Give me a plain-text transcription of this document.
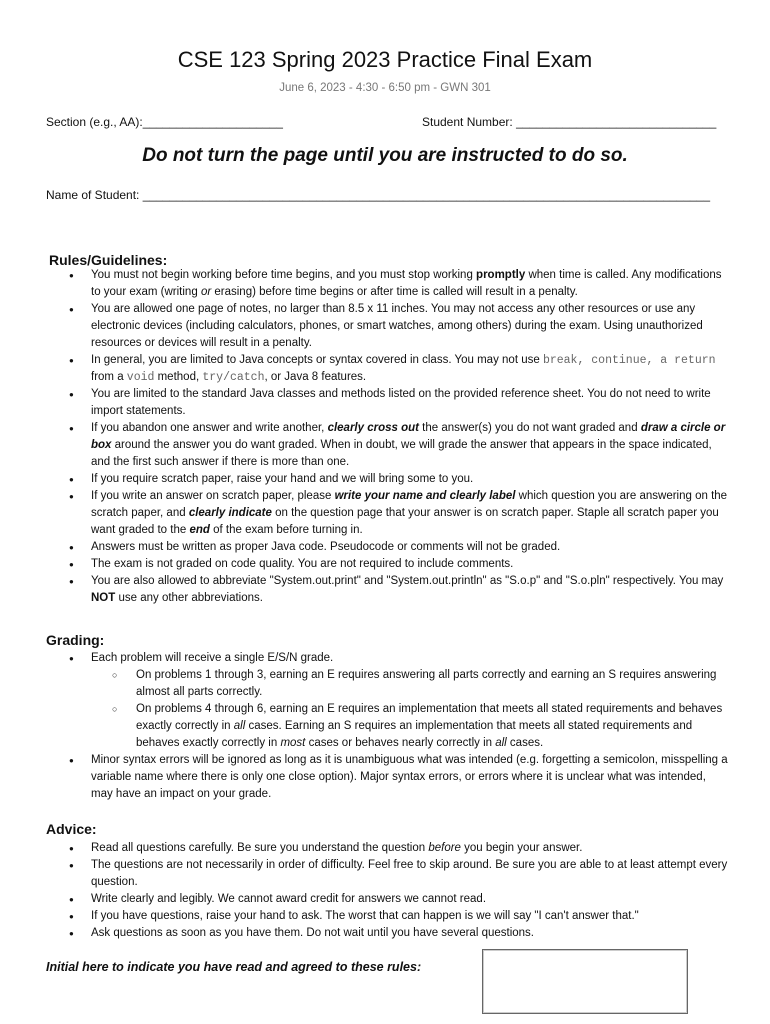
CSE 123 Spring 2023 Practice Final Exam
June 6, 2023 - 4:30 - 6:50 pm - GWN 301
Section (e.g., AA):_____________________	Student Number: ______________________________
Do not turn the page until you are instructed to do so.
Name of Student: _____________________________________________________________________________________
Rules/Guidelines:
● You must not begin working before time begins, and you must stop working promptly when time is called. Any modifications to your exam (writing or erasing) before time begins or after time is called will result in a penalty.
● You are allowed one page of notes, no larger than 8.5 x 11 inches. You may not access any other resources or use any electronic devices (including calculators, phones, or smart watches, among others) during the exam. Using unauthorized resources or devices will result in a penalty.
● In general, you are limited to Java concepts or syntax covered in class. You may not use break, continue, a return from a void method, try/catch, or Java 8 features.
● You are limited to the standard Java classes and methods listed on the provided reference sheet. You do not need to write import statements.
● If you abandon one answer and write another, clearly cross out the answer(s) you do not want graded and draw a circle or box around the answer you do want graded. When in doubt, we will grade the answer that appears in the space indicated, and the first such answer if there is more than one.
● If you require scratch paper, raise your hand and we will bring some to you.
● If you write an answer on scratch paper, please write your name and clearly label which question you are answering on the scratch paper, and clearly indicate on the question page that your answer is on scratch paper. Staple all scratch paper you want graded to the end of the exam before turning in.
● Answers must be written as proper Java code. Pseudocode or comments will not be graded.
● The exam is not graded on code quality. You are not required to include comments.
● You are also allowed to abbreviate "System.out.print" and "System.out.println" as "S.o.p" and "S.o.pln" respectively. You may NOT use any other abbreviations.
Grading:
● Each problem will receive a single E/S/N grade.
○ On problems 1 through 3, earning an E requires answering all parts correctly and earning an S requires answering almost all parts correctly.
○ On problems 4 through 6, earning an E requires an implementation that meets all stated requirements and behaves exactly correctly in all cases. Earning an S requires an implementation that meets all stated requirements and behaves exactly correctly in most cases or behaves nearly correctly in all cases.
● Minor syntax errors will be ignored as long as it is unambiguous what was intended (e.g. forgetting a semicolon, misspelling a variable name where there is only one close option). Major syntax errors, or errors where it is unclear what was intended, may have an impact on your grade.
Advice:
● Read all questions carefully. Be sure you understand the question before you begin your answer.
● The questions are not necessarily in order of difficulty. Feel free to skip around. Be sure you are able to at least attempt every question.
● Write clearly and legibly. We cannot award credit for answers we cannot read.
● If you have questions, raise your hand to ask. The worst that can happen is we will say "I can't answer that."
● Ask questions as soon as you have them. Do not wait until you have several questions.
Initial here to indicate you have read and agreed to these rules:
